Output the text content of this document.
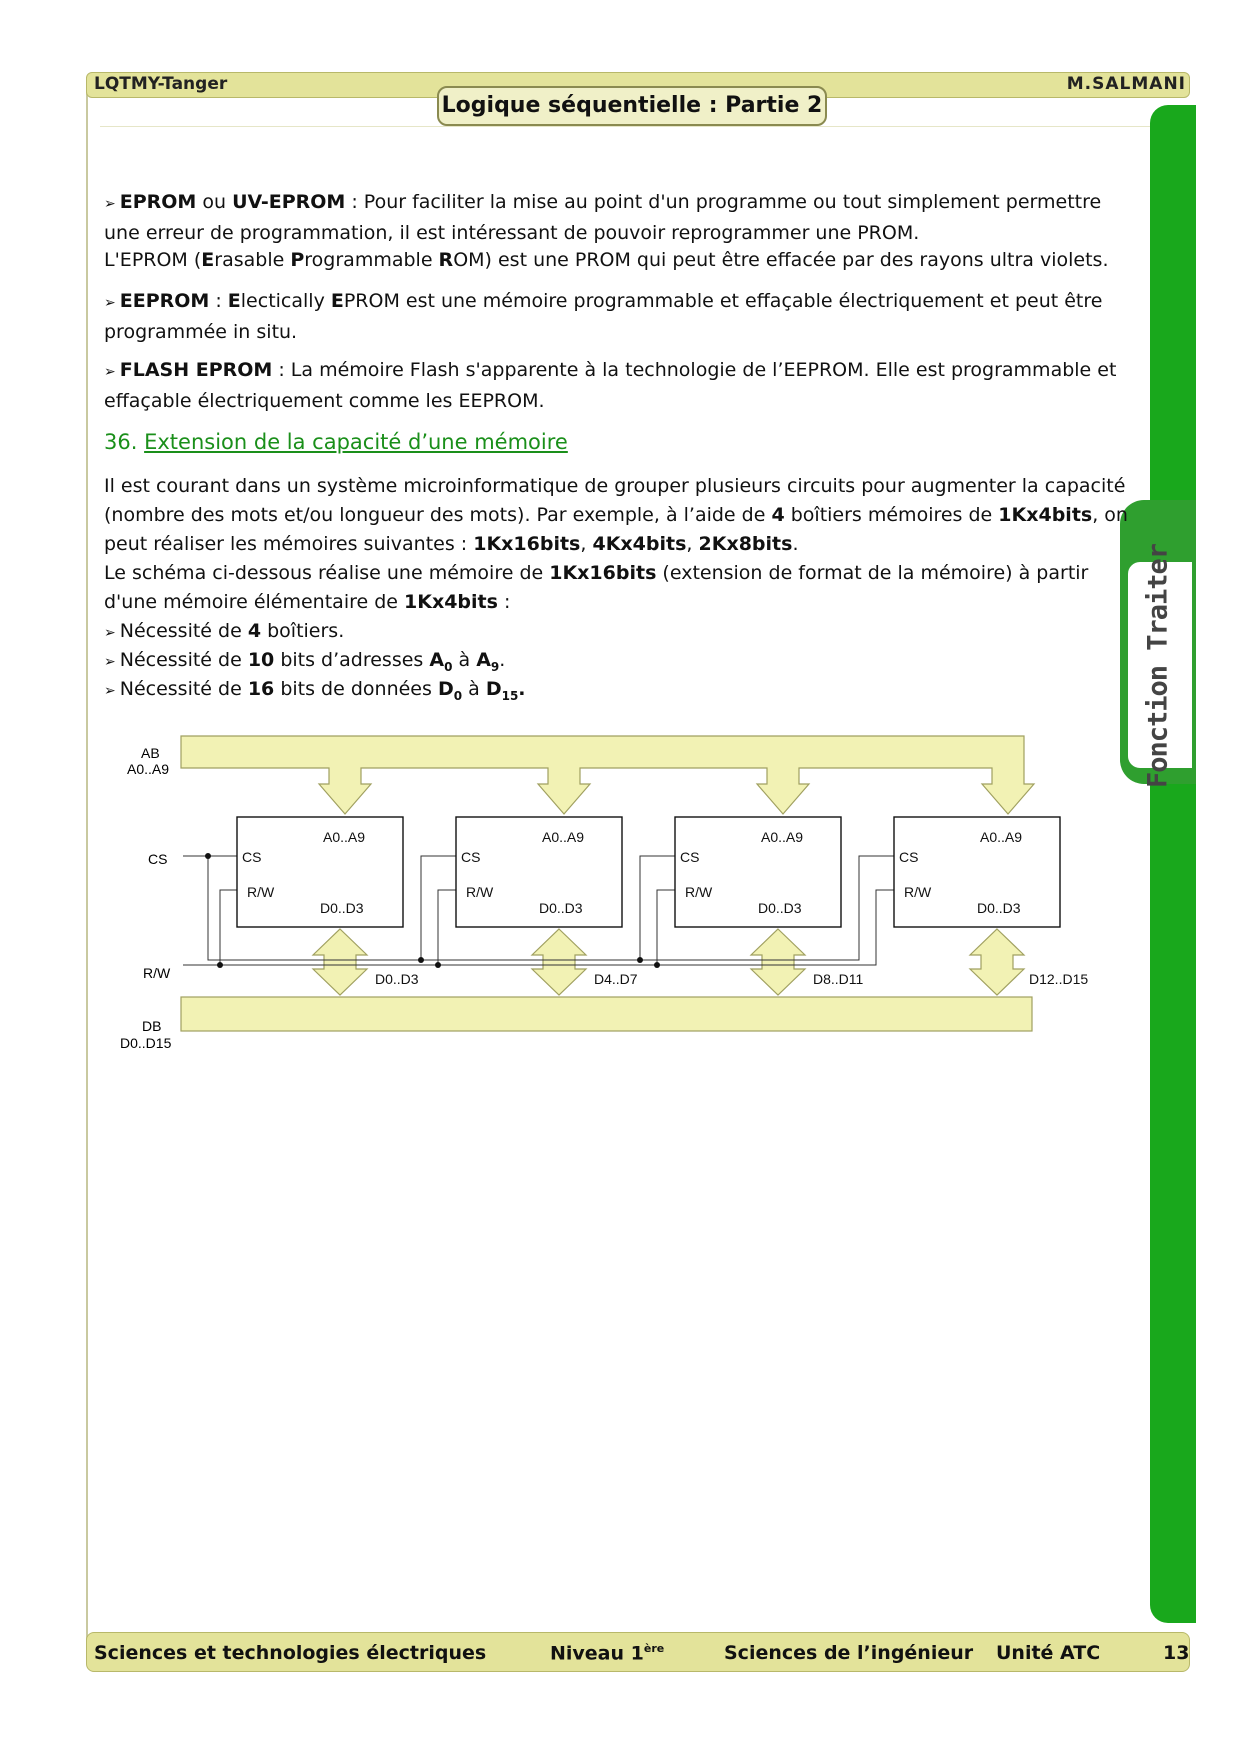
LQTMY-Tanger	M.SALMANI
Logique séquentielle : Partie 2
Fonction Traiter
➢ EPROM ou UV-EPROM : Pour faciliter la mise au point d'un programme ou tout simplement permettre une erreur de programmation, il est intéressant de pouvoir reprogrammer une PROM.
L'EPROM (Erasable Programmable ROM) est une PROM qui peut être effacée par des rayons ultra violets.
➢ EEPROM : Electically EPROM est une mémoire programmable et effaçable électriquement et peut être programmée in situ.
➢ FLASH EPROM : La mémoire Flash s'apparente à la technologie de l’EEPROM. Elle est programmable et effaçable électriquement comme les EEPROM.
36. Extension de la capacité d’une mémoire
Il est courant dans un système microinformatique de grouper plusieurs circuits pour augmenter la capacité (nombre des mots et/ou longueur des mots). Par exemple, à l’aide de 4 boîtiers mémoires de 1Kx4bits, on peut réaliser les mémoires suivantes : 1Kx16bits, 4Kx4bits, 2Kx8bits.
Le schéma ci-dessous réalise une mémoire de 1Kx16bits (extension de format de la mémoire) à partir d'une mémoire élémentaire de 1Kx4bits :
➢ Nécessité de 4 boîtiers.
➢ Nécessité de 10 bits d’adresses $A_0$ à $A_9$.
➢ Nécessité de 16 bits de données $D_0$ à $D_{15}$.
D0..D3	D4..D7	D8..D11	D12..D15
A0..A9
CS
R/W
D0..D3
A0..A9
CS
R/W
D0..D3
A0..A9
CS
R/W
D0..D3
A0..A9
CS
R/W
D0..D3
AB
A0..A9
CS
R/W
DB
D0..D15
Sciences et technologies électriques	Niveau 1ère	Sciences de l’ingénieur Unité ATC	13
